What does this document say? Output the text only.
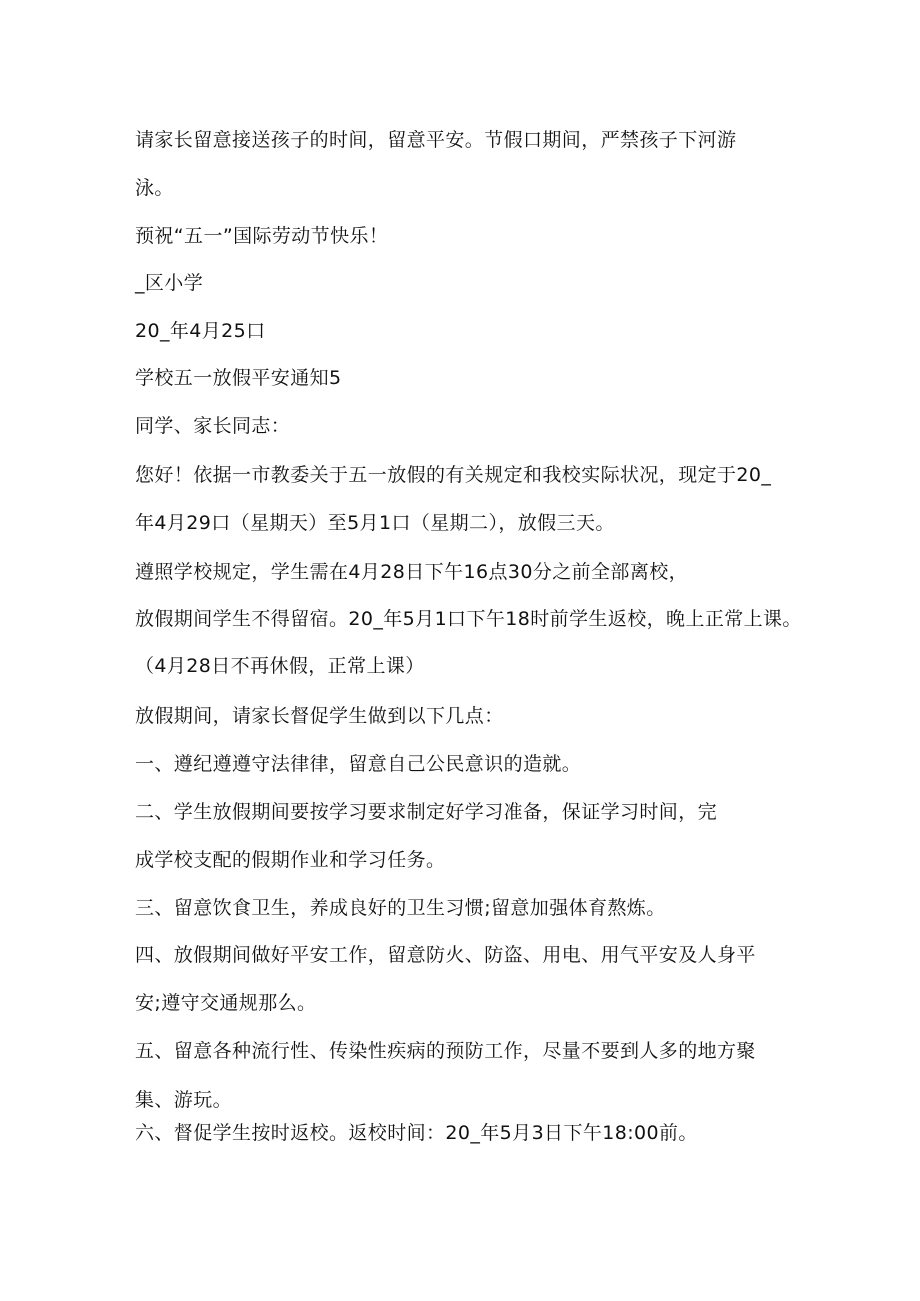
请家长留意接送孩子的时间，留意平安。节假口期间，严禁孩子下河游
泳。
预祝“五一”国际劳动节快乐！
_区小学
20_年4月25口
学校五一放假平安通知5
同学、家长同志：
您好！依据一市教委关于五一放假的有关规定和我校实际状况，现定于20_
年4月29口（星期天）至5月1口（星期二），放假三天。
遵照学校规定，学生需在4月28日下午16点30分之前全部离校，
放假期间学生不得留宿。20_年5月1口下午18时前学生返校，晚上正常上课。
（4月28日不再休假，正常上课）
放假期间，请家长督促学生做到以下几点：
一、遵纪遵遵守法律律，留意自己公民意识的造就。
二、学生放假期间要按学习要求制定好学习准备，保证学习时间，完
成学校支配的假期作业和学习任务。
三、留意饮食卫生，养成良好的卫生习惯;留意加强体育熬炼。
四、放假期间做好平安工作，留意防火、防盗、用电、用气平安及人身平
安;遵守交通规那么。
五、留意各种流行性、传染性疾病的预防工作，尽量不要到人多的地方聚
集、游玩。
六、督促学生按时返校。返校时间：20_年5月3日下午18:00前。
